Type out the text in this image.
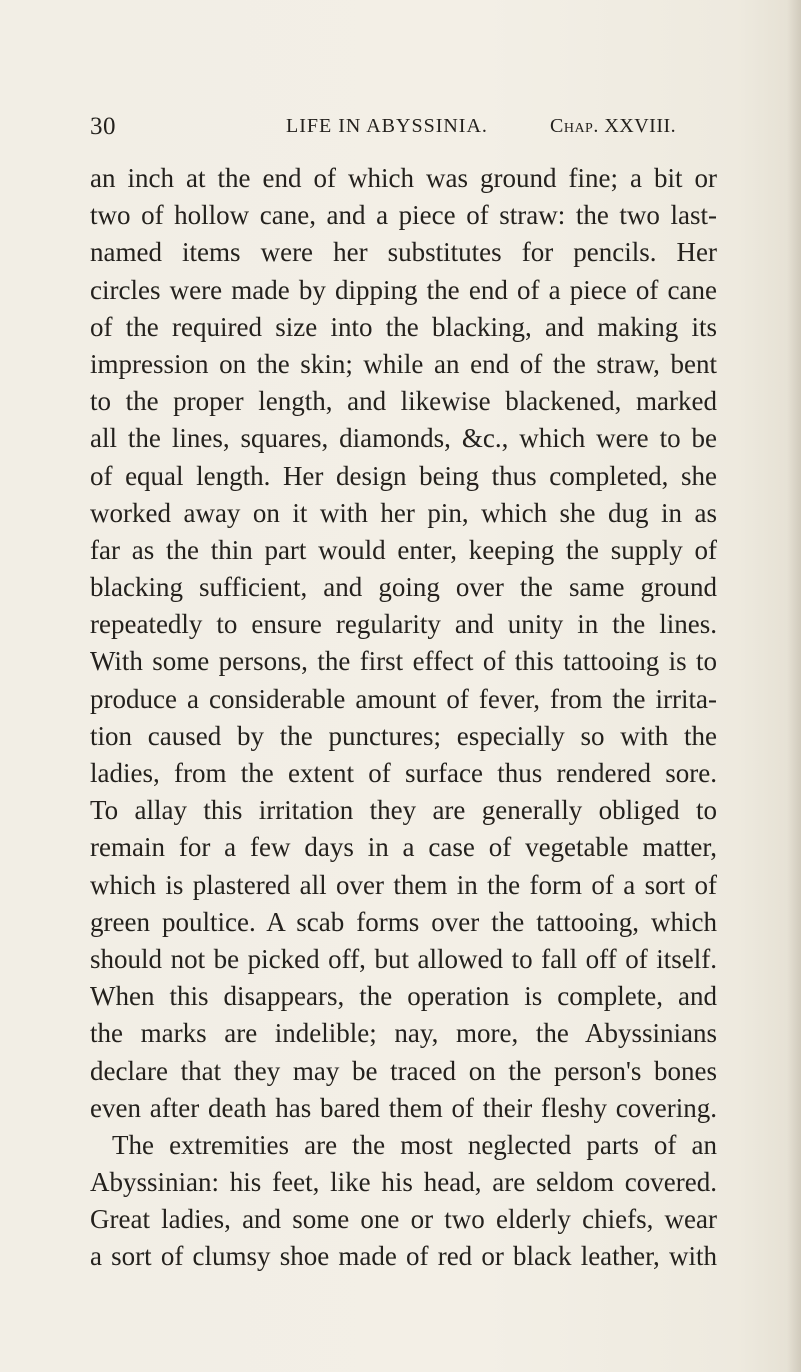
30	LIFE IN ABYSSINIA.	Chap. XXVIII.
an inch at the end of which was ground fine; a bit or
two of hollow cane, and a piece of straw: the two last-
named items were her substitutes for pencils. Her
circles were made by dipping the end of a piece of cane
of the required size into the blacking, and making its
impression on the skin; while an end of the straw, bent
to the proper length, and likewise blackened, marked
all the lines, squares, diamonds, &c., which were to be
of equal length. Her design being thus completed, she
worked away on it with her pin, which she dug in as
far as the thin part would enter, keeping the supply of
blacking sufficient, and going over the same ground
repeatedly to ensure regularity and unity in the lines.
With some persons, the first effect of this tattooing is to
produce a considerable amount of fever, from the irrita-
tion caused by the punctures; especially so with the
ladies, from the extent of surface thus rendered sore.
To allay this irritation they are generally obliged to
remain for a few days in a case of vegetable matter,
which is plastered all over them in the form of a sort of
green poultice. A scab forms over the tattooing, which
should not be picked off, but allowed to fall off of itself.
When this disappears, the operation is complete, and
the marks are indelible; nay, more, the Abyssinians
declare that they may be traced on the person's bones
even after death has bared them of their fleshy covering.
The extremities are the most neglected parts of an
Abyssinian: his feet, like his head, are seldom covered.
Great ladies, and some one or two elderly chiefs, wear
a sort of clumsy shoe made of red or black leather, with
